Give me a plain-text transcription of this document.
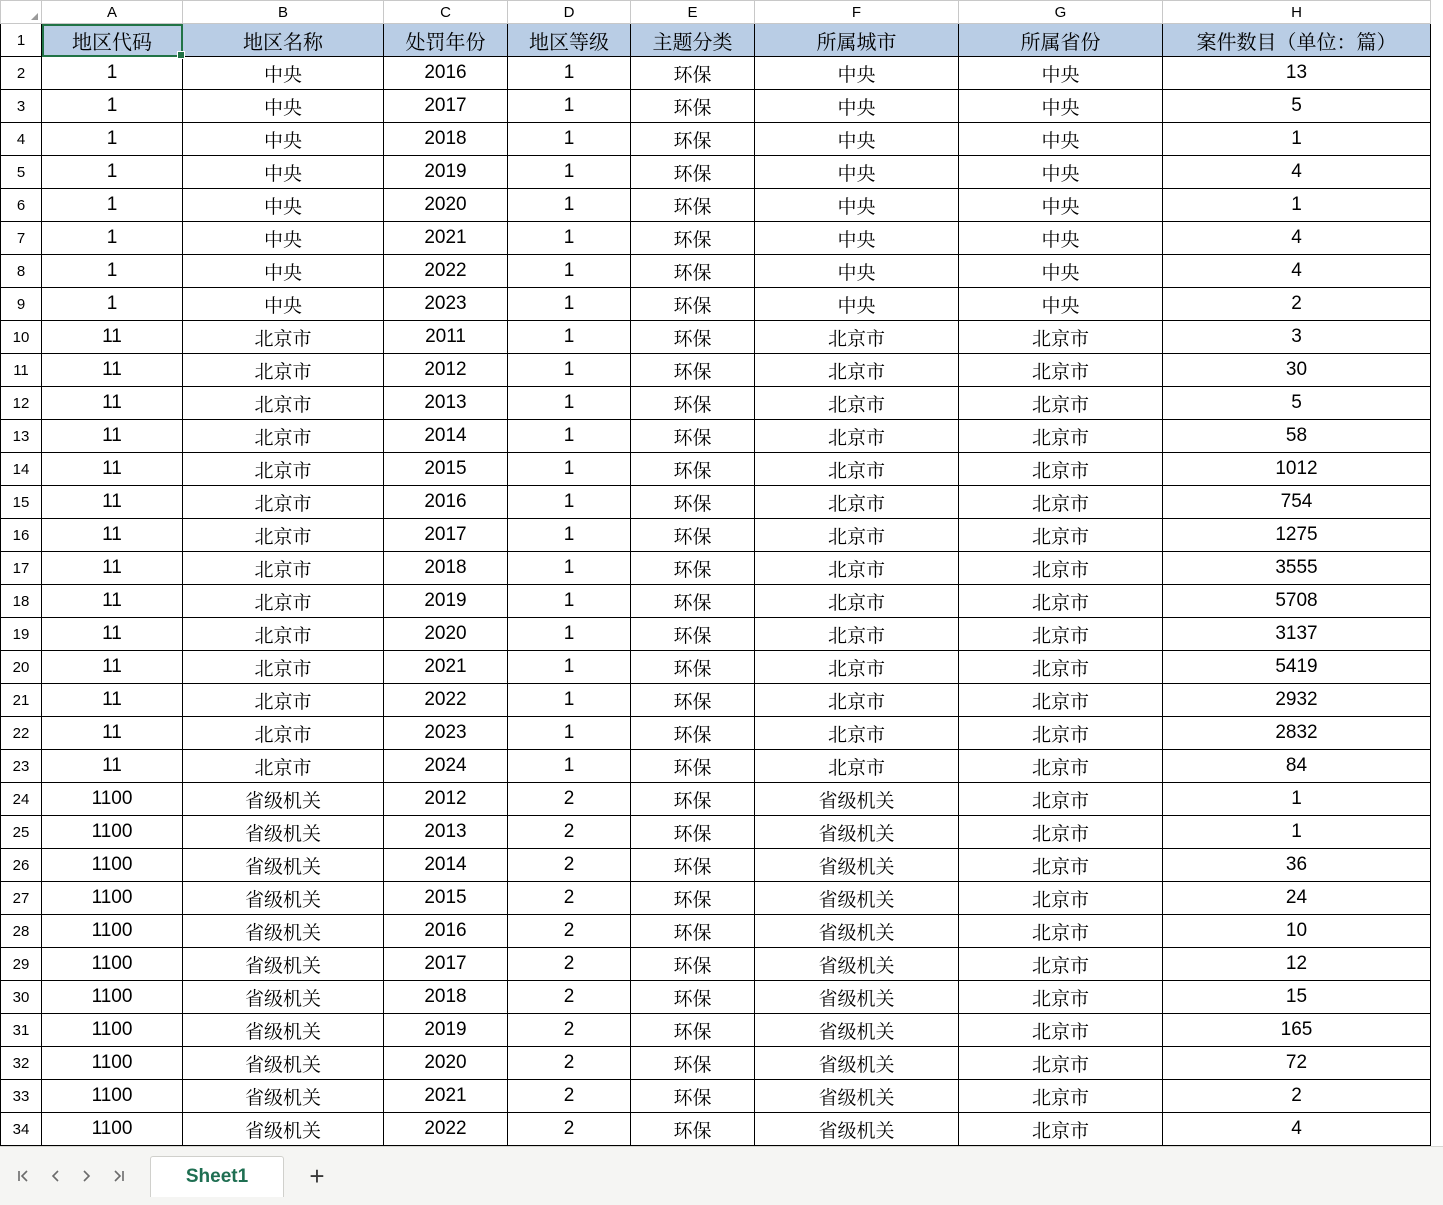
	A	B	C	D	E	F	G	H
1	地区代码	地区名称	处罚年份	地区等级	主题分类	所属城市	所属省份	案件数目（单位：篇）
2	1	中央	2016	1	环保	中央	中央	13
3	1	中央	2017	1	环保	中央	中央	5
4	1	中央	2018	1	环保	中央	中央	1
5	1	中央	2019	1	环保	中央	中央	4
6	1	中央	2020	1	环保	中央	中央	1
7	1	中央	2021	1	环保	中央	中央	4
8	1	中央	2022	1	环保	中央	中央	4
9	1	中央	2023	1	环保	中央	中央	2
10	11	北京市	2011	1	环保	北京市	北京市	3
11	11	北京市	2012	1	环保	北京市	北京市	30
12	11	北京市	2013	1	环保	北京市	北京市	5
13	11	北京市	2014	1	环保	北京市	北京市	58
14	11	北京市	2015	1	环保	北京市	北京市	1012
15	11	北京市	2016	1	环保	北京市	北京市	754
16	11	北京市	2017	1	环保	北京市	北京市	1275
17	11	北京市	2018	1	环保	北京市	北京市	3555
18	11	北京市	2019	1	环保	北京市	北京市	5708
19	11	北京市	2020	1	环保	北京市	北京市	3137
20	11	北京市	2021	1	环保	北京市	北京市	5419
21	11	北京市	2022	1	环保	北京市	北京市	2932
22	11	北京市	2023	1	环保	北京市	北京市	2832
23	11	北京市	2024	1	环保	北京市	北京市	84
24	1100	省级机关	2012	2	环保	省级机关	北京市	1
25	1100	省级机关	2013	2	环保	省级机关	北京市	1
26	1100	省级机关	2014	2	环保	省级机关	北京市	36
27	1100	省级机关	2015	2	环保	省级机关	北京市	24
28	1100	省级机关	2016	2	环保	省级机关	北京市	10
29	1100	省级机关	2017	2	环保	省级机关	北京市	12
30	1100	省级机关	2018	2	环保	省级机关	北京市	15
31	1100	省级机关	2019	2	环保	省级机关	北京市	165
32	1100	省级机关	2020	2	环保	省级机关	北京市	72
33	1100	省级机关	2021	2	环保	省级机关	北京市	2
34	1100	省级机关	2022	2	环保	省级机关	北京市	4
Sheet1 +
